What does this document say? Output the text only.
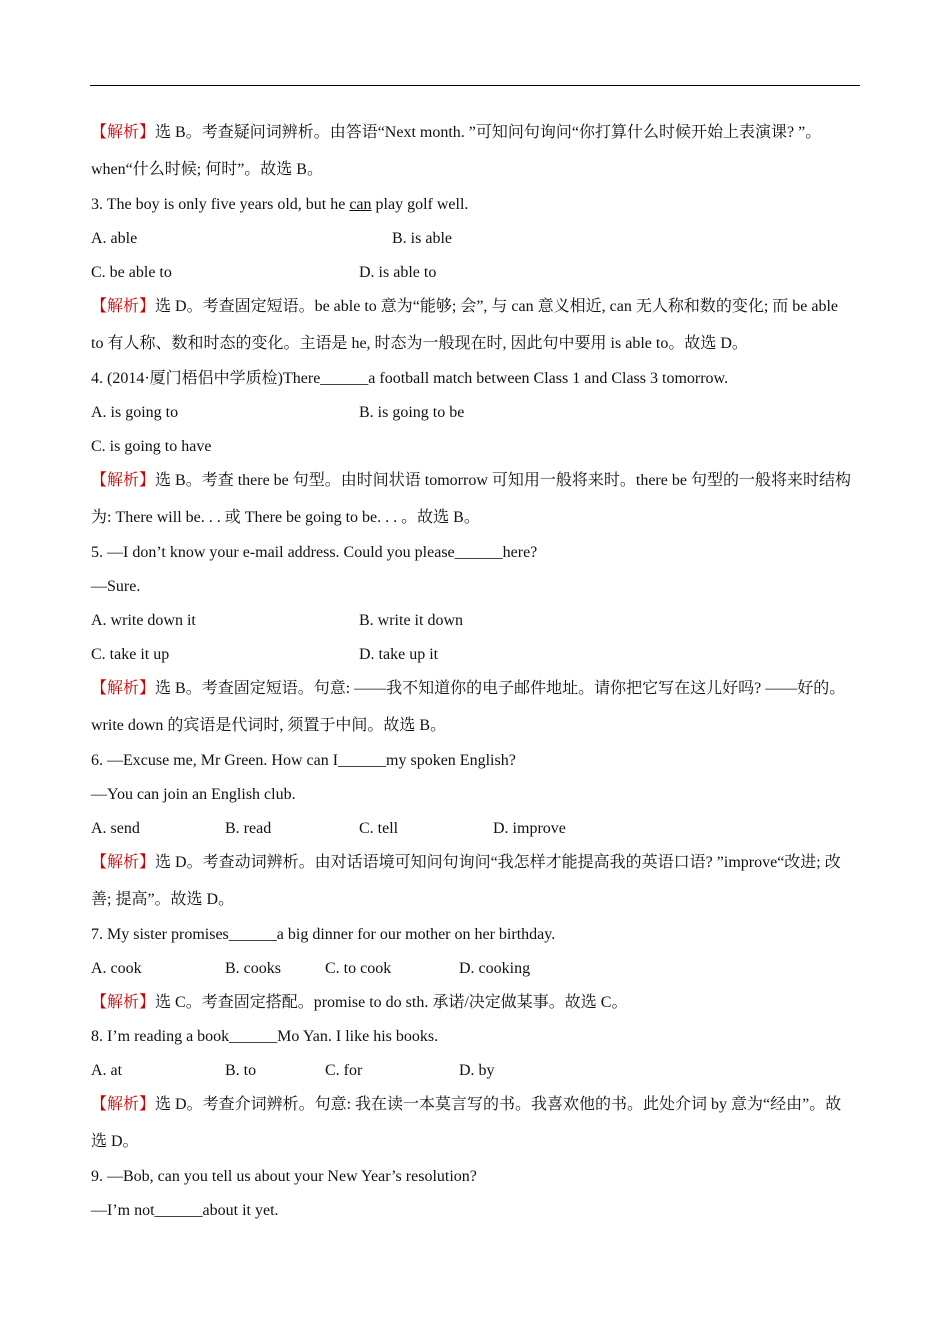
【解析】选 B。考查疑问词辨析。由答语“Next month. ”可知问句询问“你打算什么时候开始上表演课? ”。
when“什么时候; 何时”。故选 B。
3. The boy is only five years old, but he can play golf well.
A. able	B. is able
C. be able to	D. is able to
【解析】选 D。考查固定短语。be able to 意为“能够; 会”, 与 can 意义相近, can 无人称和数的变化; 而 be able
to 有人称、数和时态的变化。主语是 he, 时态为一般现在时, 因此句中要用 is able to。故选 D。
4. (2014·厦门梧侣中学质检)There______a football match between Class 1 and Class 3 tomorrow.
A. is going to	B. is going to be
C. is going to have
【解析】选 B。考查 there be 句型。由时间状语 tomorrow 可知用一般将来时。there be 句型的一般将来时结构
为: There will be. . . 或 There be going to be. . . 。故选 B。
5. —I don’t know your e-mail address. Could you please______here?
—Sure.
A. write down it	B. write it down
C. take it up	D. take up it
【解析】选 B。考查固定短语。句意: ——我不知道你的电子邮件地址。请你把它写在这儿好吗? ——好的。
write down 的宾语是代词时, 须置于中间。故选 B。
6. —Excuse me, Mr Green. How can I______my spoken English?
—You can join an English club.
A. send	B. read	C. tell	D. improve
【解析】选 D。考查动词辨析。由对话语境可知问句询问“我怎样才能提高我的英语口语? ”improve“改进; 改
善; 提高”。故选 D。
7. My sister promises______a big dinner for our mother on her birthday.
A. cook	B. cooks	C. to cook	D. cooking
【解析】选 C。考查固定搭配。promise to do sth. 承诺/决定做某事。故选 C。
8. I’m reading a book______Mo Yan. I like his books.
A. at	B. to	C. for	D. by
【解析】选 D。考查介词辨析。句意: 我在读一本莫言写的书。我喜欢他的书。此处介词 by 意为“经由”。故
选 D。
9. —Bob, can you tell us about your New Year’s resolution?
—I’m not______about it yet.
